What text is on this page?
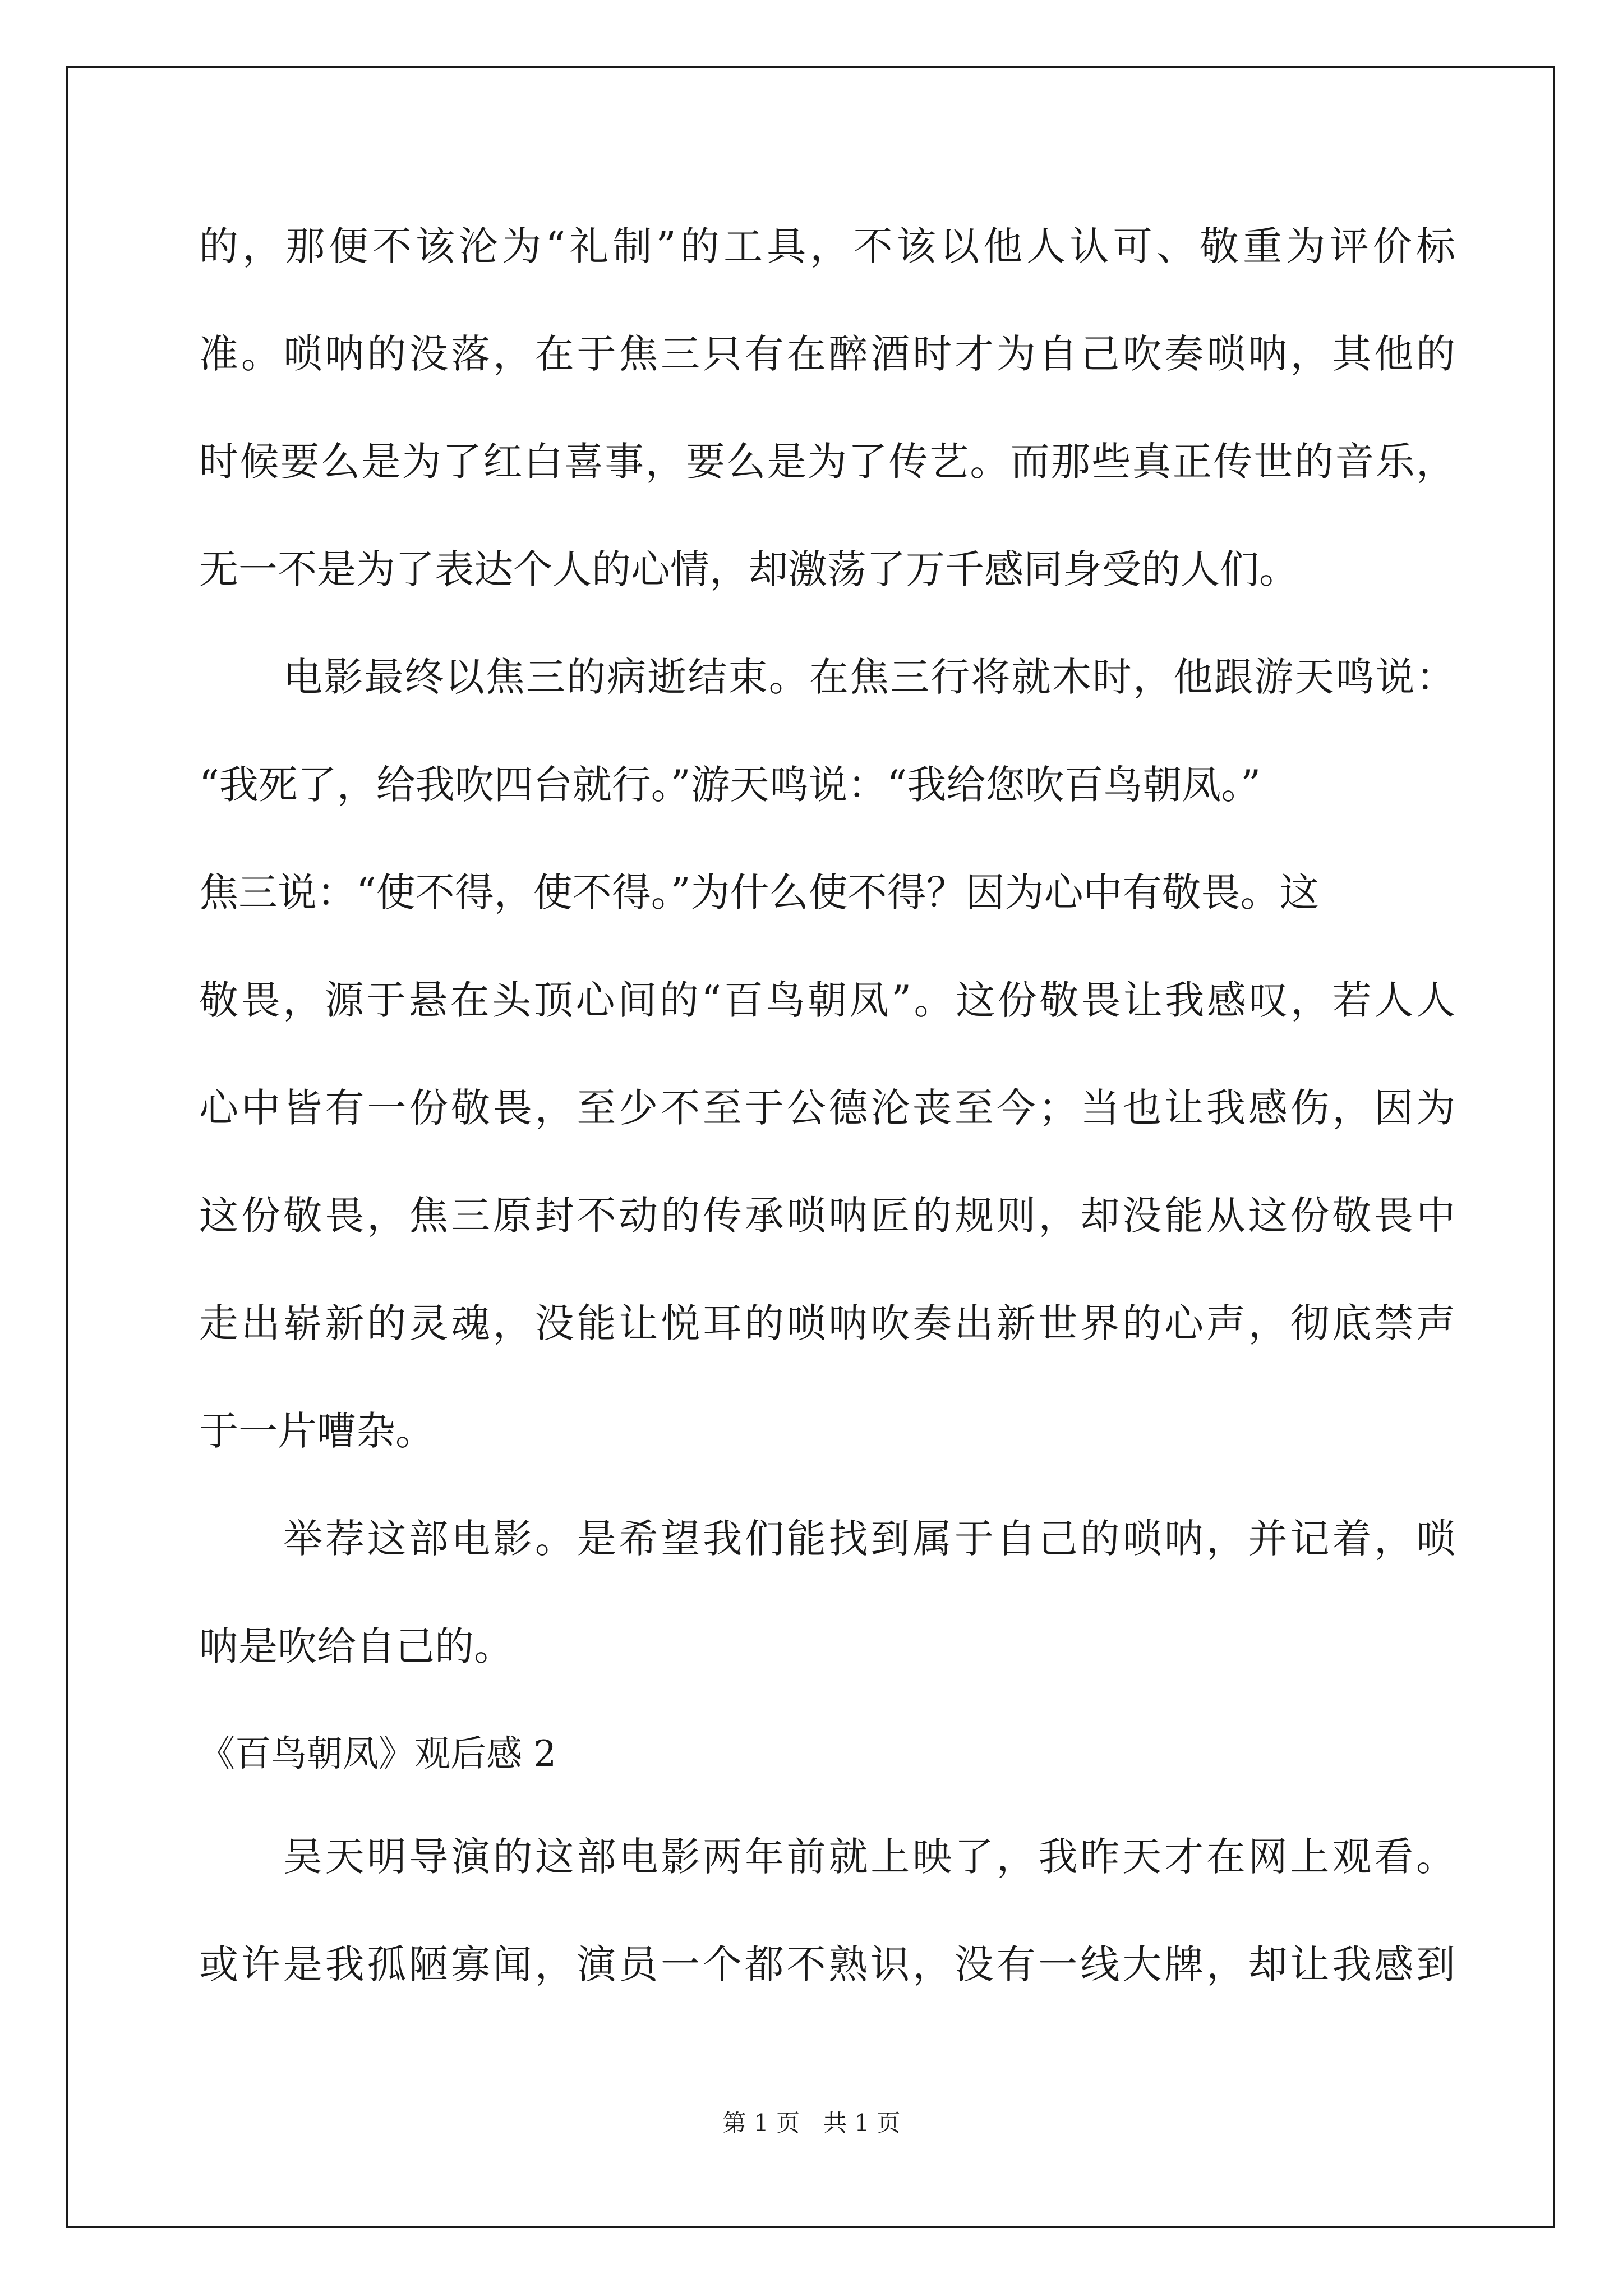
的，那便不该沦为“礼制”的工具，不该以他人认可、敬重为评价标
准。唢呐的没落，在于焦三只有在醉酒时才为自己吹奏唢呐，其他的
时候要么是为了红白喜事，要么是为了传艺。而那些真正传世的音乐，
无一不是为了表达个人的心情，却激荡了万千感同身受的人们。
电影最终以焦三的病逝结束。在焦三行将就木时，他跟游天鸣说：
“我死了，给我吹四台就行。”游天鸣说：“我给您吹百鸟朝凤。”
焦三说：“使不得，使不得。”为什么使不得？因为心中有敬畏。这
敬畏，源于悬在头顶心间的“百鸟朝凤”。这份敬畏让我感叹，若人人
心中皆有一份敬畏，至少不至于公德沦丧至今；当也让我感伤，因为
这份敬畏，焦三原封不动的传承唢呐匠的规则，却没能从这份敬畏中
走出崭新的灵魂，没能让悦耳的唢呐吹奏出新世界的心声，彻底禁声
于一片嘈杂。
举荐这部电影。是希望我们能找到属于自己的唢呐，并记着，唢
呐是吹给自己的。
《百鸟朝凤》观后感 2
吴天明导演的这部电影两年前就上映了，我昨天才在网上观看。
或许是我孤陋寡闻，演员一个都不熟识，没有一线大牌，却让我感到
第 1 页　共 1 页
